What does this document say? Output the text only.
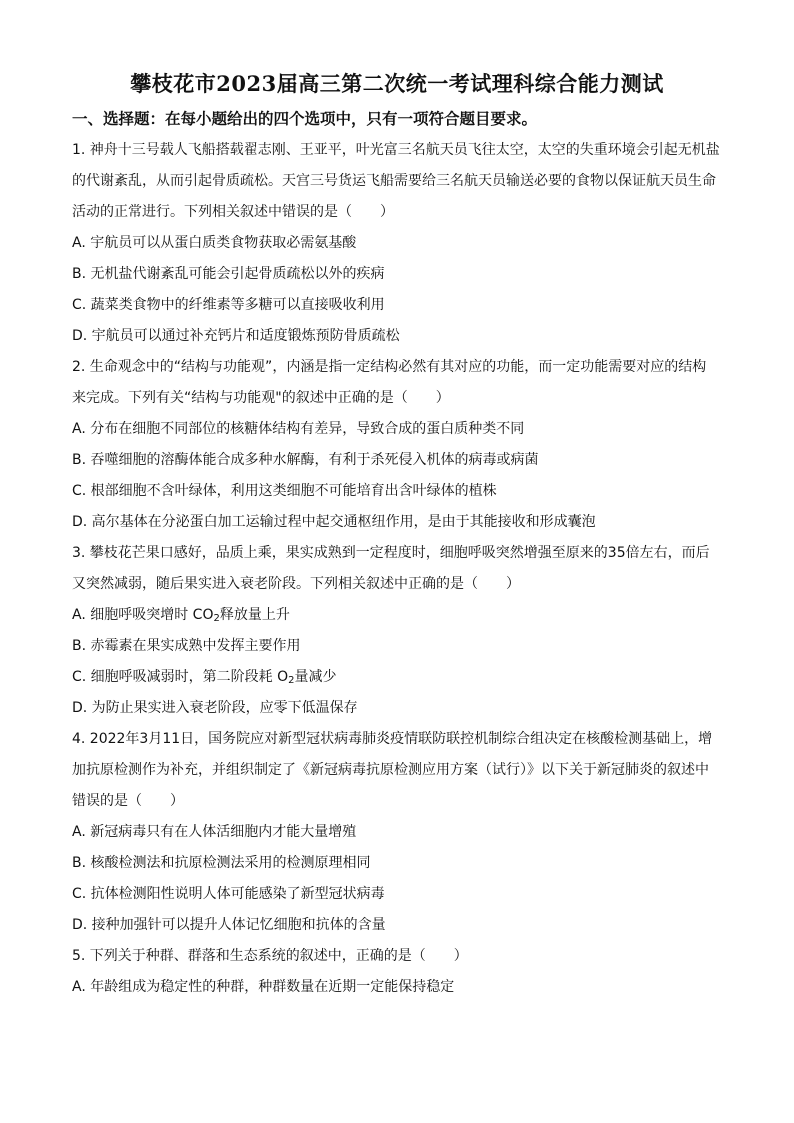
攀枝花市2023届高三第二次统一考试理科综合能力测试
一、选择题：在每小题给出的四个选项中，只有一项符合题目要求。
1. 神舟十三号载人飞船搭载翟志刚、王亚平，叶光富三名航天员飞往太空，太空的失重环境会引起无机盐
的代谢紊乱，从而引起骨质疏松。天宫三号货运飞船需要给三名航天员输送必要的食物以保证航天员生命
活动的正常进行。下列相关叙述中错误的是（　　）
A. 宇航员可以从蛋白质类食物获取必需氨基酸
B. 无机盐代谢紊乱可能会引起骨质疏松以外的疾病
C. 蔬菜类食物中的纤维素等多糖可以直接吸收利用
D. 宇航员可以通过补充钙片和适度锻炼预防骨质疏松
2. 生命观念中的“结构与功能观”，内涵是指一定结构必然有其对应的功能，而一定功能需要对应的结构
来完成。下列有关“结构与功能观"的叙述中正确的是（　　）
A. 分布在细胞不同部位的核糖体结构有差异，导致合成的蛋白质种类不同
B. 吞噬细胞的溶酶体能合成多种水解酶，有利于杀死侵入机体的病毒或病菌
C. 根部细胞不含叶绿体，利用这类细胞不可能培育出含叶绿体的植株
D. 高尔基体在分泌蛋白加工运输过程中起交通枢纽作用，是由于其能接收和形成囊泡
3. 攀枝花芒果口感好，品质上乘，果实成熟到一定程度时，细胞呼吸突然增强至原来的35倍左右，而后
又突然减弱，随后果实进入衰老阶段。下列相关叙述中正确的是（　　）
A. 细胞呼吸突增时 $CO_2$释放量上升
B. 赤霉素在果实成熟中发挥主要作用
C. 细胞呼吸减弱时，第二阶段耗 $O_2$量减少
D. 为防止果实进入衰老阶段，应零下低温保存
4. 2022年3月11日，国务院应对新型冠状病毒肺炎疫情联防联控机制综合组决定在核酸检测基础上，增
加抗原检测作为补充，并组织制定了《新冠病毒抗原检测应用方案（试行）》以下关于新冠肺炎的叙述中
错误的是（　　）
A. 新冠病毒只有在人体活细胞内才能大量增殖
B. 核酸检测法和抗原检测法采用的检测原理相同
C. 抗体检测阳性说明人体可能感染了新型冠状病毒
D. 接种加强针可以提升人体记忆细胞和抗体的含量
5. 下列关于种群、群落和生态系统的叙述中，正确的是（　　）
A. 年龄组成为稳定性的种群，种群数量在近期一定能保持稳定
